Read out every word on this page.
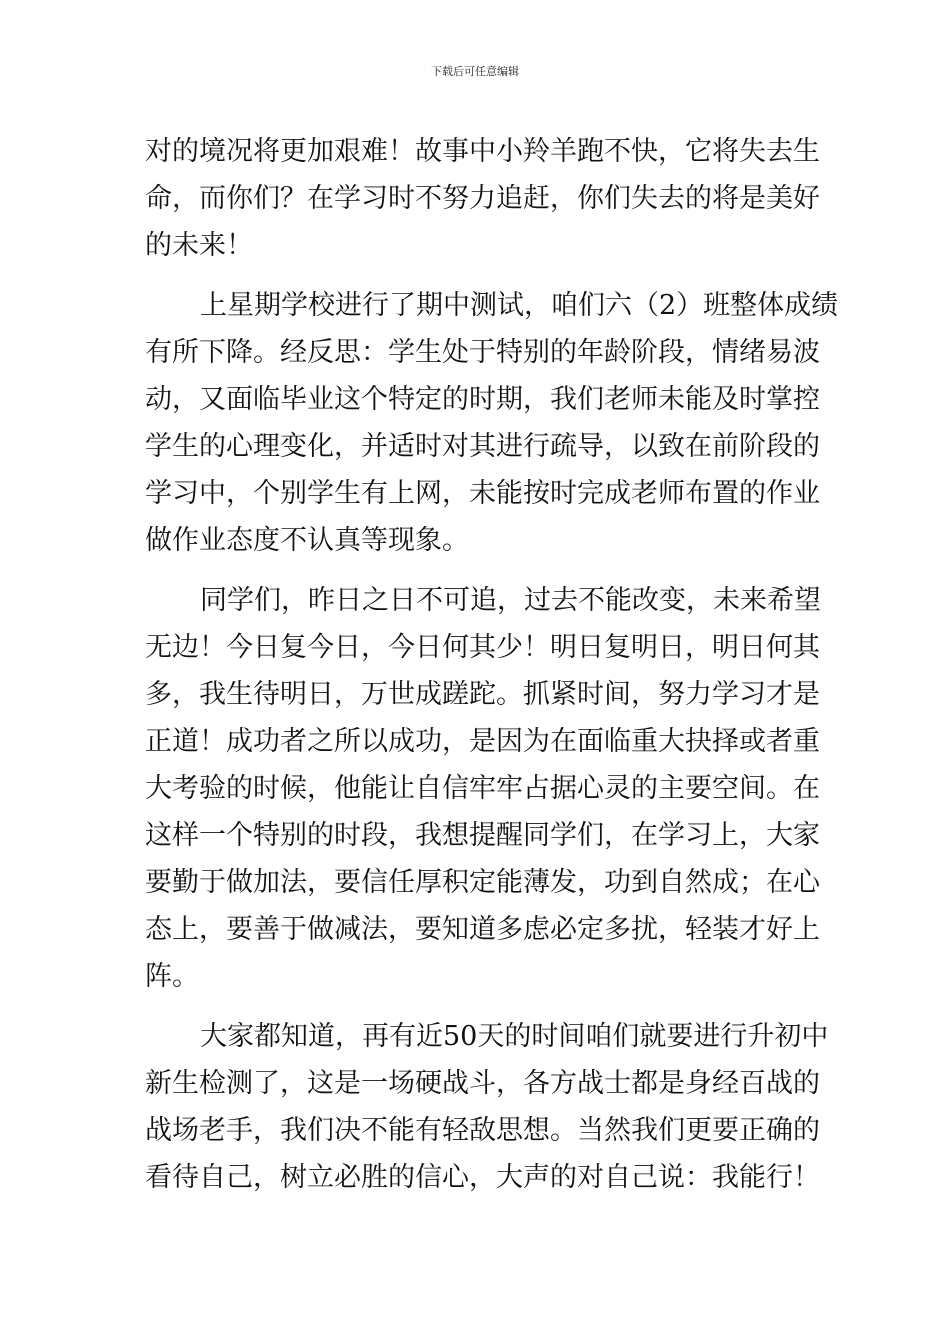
下载后可任意编辑
对的境况将更加艰难！故事中小羚羊跑不快，它将失去生
命，而你们？在学习时不努力追赶，你们失去的将是美好
的未来！
上星期学校进行了期中测试，咱们六（2）班整体成绩
有所下降。经反思：学生处于特别的年龄阶段，情绪易波
动，又面临毕业这个特定的时期，我们老师未能及时掌控
学生的心理变化，并适时对其进行疏导，以致在前阶段的
学习中，个别学生有上网，未能按时完成老师布置的作业
做作业态度不认真等现象。
同学们，昨日之日不可追，过去不能改变，未来希望
无边！今日复今日，今日何其少！明日复明日，明日何其
多，我生待明日，万世成蹉跎。抓紧时间，努力学习才是
正道！成功者之所以成功，是因为在面临重大抉择或者重
大考验的时候，他能让自信牢牢占据心灵的主要空间。在
这样一个特别的时段，我想提醒同学们，在学习上，大家
要勤于做加法，要信任厚积定能薄发，功到自然成；在心
态上，要善于做减法，要知道多虑必定多扰，轻装才好上
阵。
大家都知道，再有近50天的时间咱们就要进行升初中
新生检测了，这是一场硬战斗，各方战士都是身经百战的
战场老手，我们决不能有轻敌思想。当然我们更要正确的
看待自己，树立必胜的信心，大声的对自己说：我能行！
